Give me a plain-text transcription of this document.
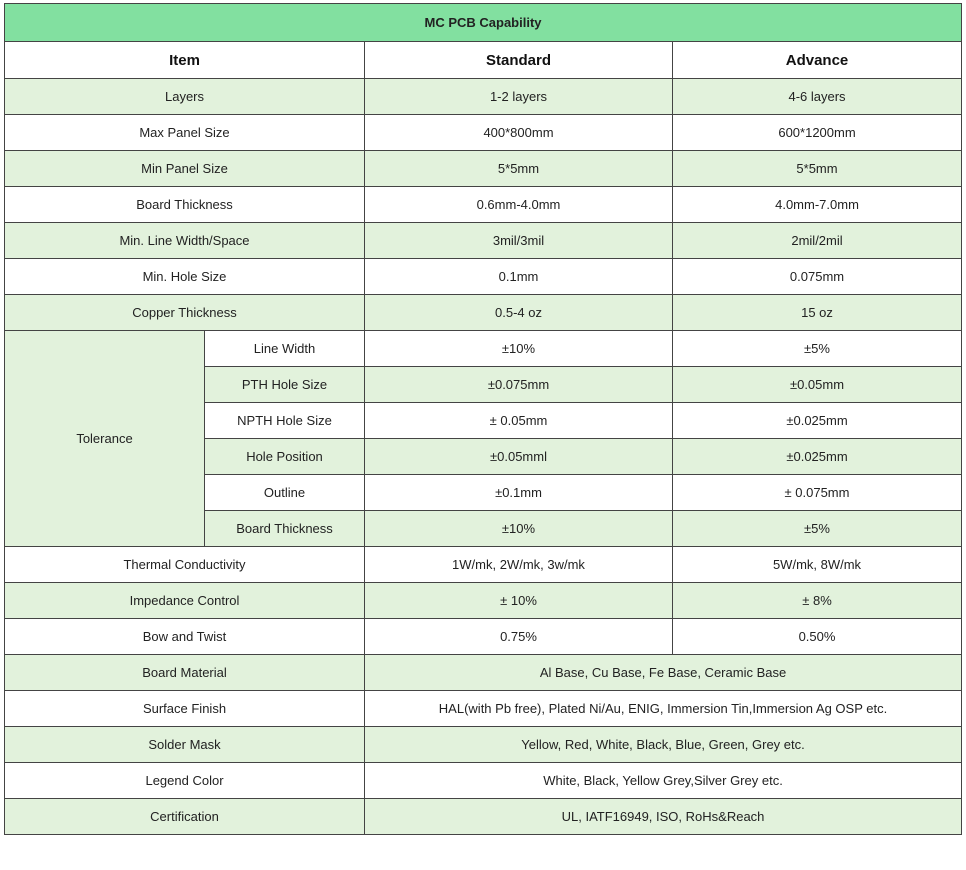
MC PCB Capability			
Item		Standard	Advance
Layers		1-2 layers	4-6 layers
Max Panel Size		400*800mm	600*1200mm
Min Panel Size		5*5mm	5*5mm
Board Thickness		0.6mm-4.0mm	4.0mm-7.0mm
Min. Line Width/Space		3mil/3mil	2mil/2mil
Min. Hole Size		0.1mm	0.075mm
Copper Thickness		0.5-4 oz	15 oz
Tolerance	Line Width	±10%	±5%
	PTH Hole Size	±0.075mm	±0.05mm
	NPTH Hole Size	± 0.05mm	±0.025mm
	Hole Position	±0.05mml	±0.025mm
	Outline	±0.1mm	± 0.075mm
	Board Thickness	±10%	±5%
Thermal Conductivity		1W/mk, 2W/mk, 3w/mk	5W/mk, 8W/mk
Impedance Control		± 10%	± 8%
Bow and Twist		0.75%	0.50%
Board Material		Al Base, Cu Base, Fe Base, Ceramic Base	
Surface Finish		HAL(with Pb free), Plated Ni/Au, ENIG, Immersion Tin,Immersion Ag OSP etc.	
Solder Mask		Yellow, Red, White, Black, Blue, Green, Grey etc.	
Legend Color		White, Black, Yellow Grey,Silver Grey etc.	
Certification		UL, IATF16949, ISO, RoHs&Reach	
